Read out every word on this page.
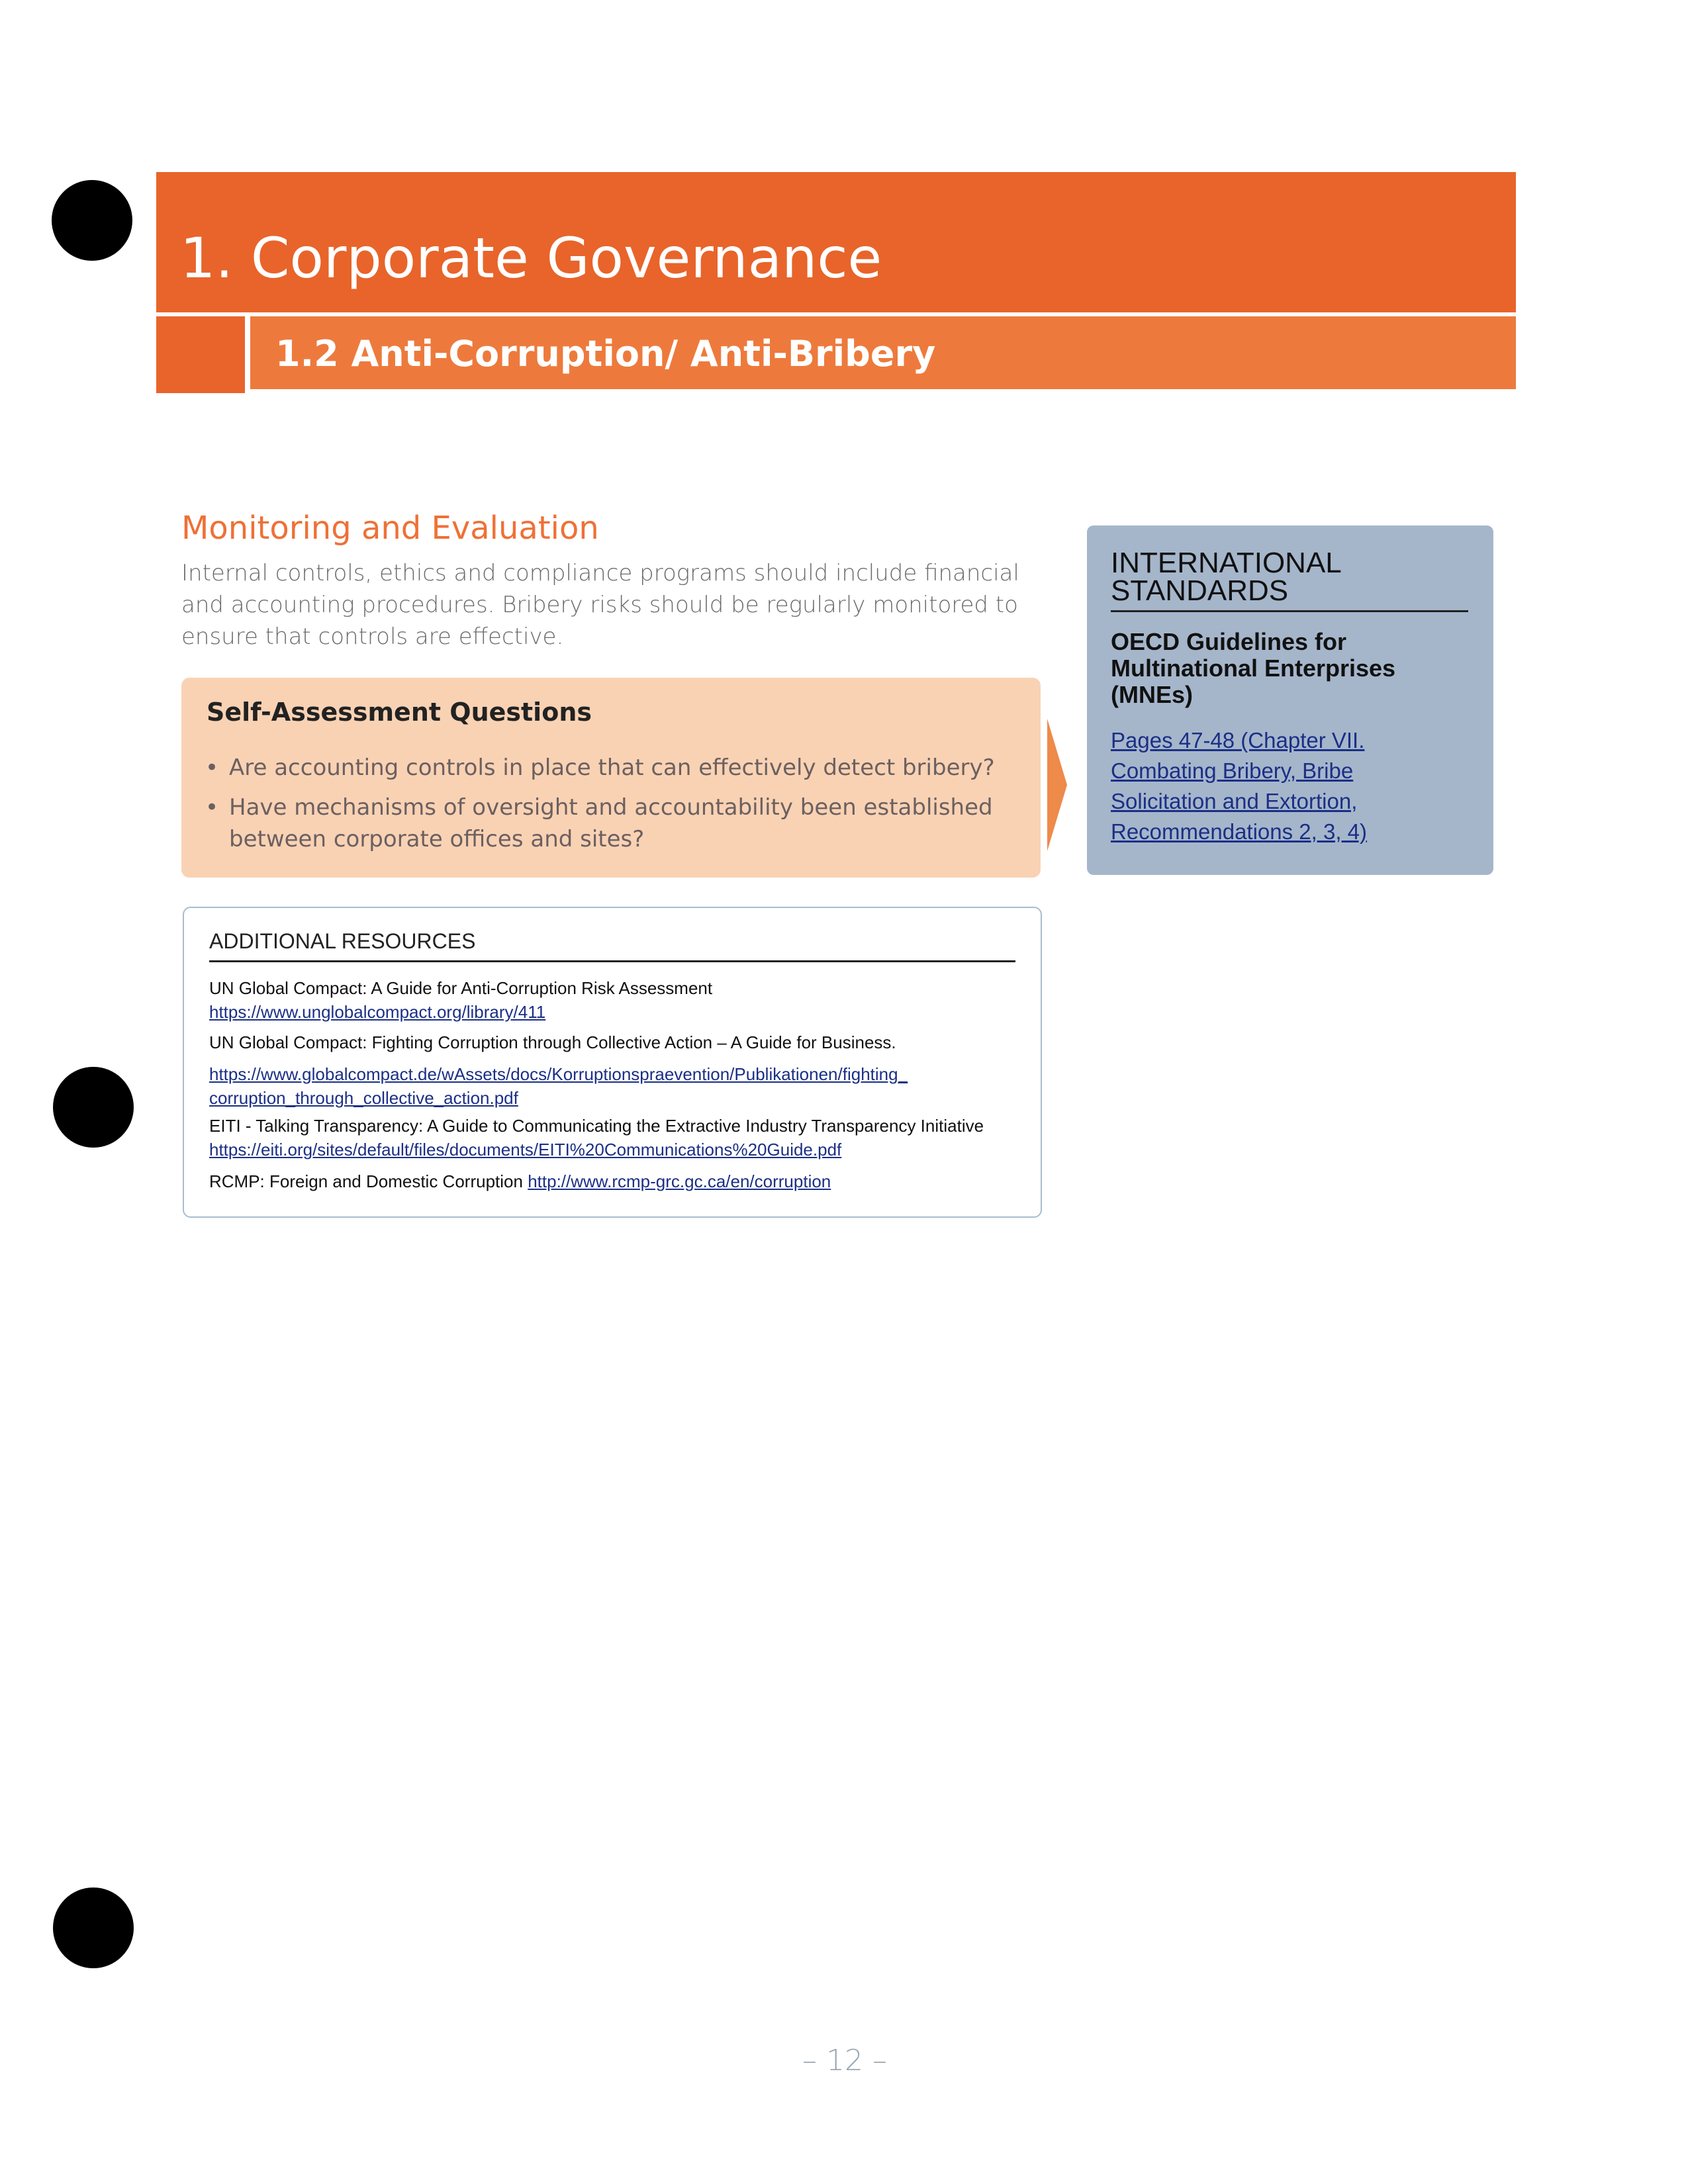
1. Corporate Governance
1.2 Anti-Corruption/ Anti-Bribery
Monitoring and Evaluation

Internal controls, ethics and compliance programs should include financial and accounting procedures. Bribery risks should be regularly monitored to ensure that controls are effective.

Self-Assessment Questions
• Are accounting controls in place that can effectively detect bribery?
• Have mechanisms of oversight and accountability been established between corporate offices and sites?
INTERNATIONAL STANDARDS

OECD Guidelines for Multinational Enterprises (MNEs)

Pages 47-48 (Chapter VII.
Combating Bribery, Bribe
Solicitation and Extortion,
Recommendations 2, 3, 4)
ADDITIONAL RESOURCES
UN Global Compact: A Guide for Anti-Corruption Risk Assessment
https://www.unglobalcompact.org/library/411
UN Global Compact: Fighting Corruption through Collective Action – A Guide for Business.
https://www.globalcompact.de/wAssets/docs/Korruptionspraevention/Publikationen/fighting_
corruption_through_collective_action.pdf
EITI - Talking Transparency: A Guide to Communicating the Extractive Industry Transparency Initiative
https://eiti.org/sites/default/files/documents/EITI%20Communications%20Guide.pdf
RCMP: Foreign and Domestic Corruption http://www.rcmp-grc.gc.ca/en/corruption
– 12 –
